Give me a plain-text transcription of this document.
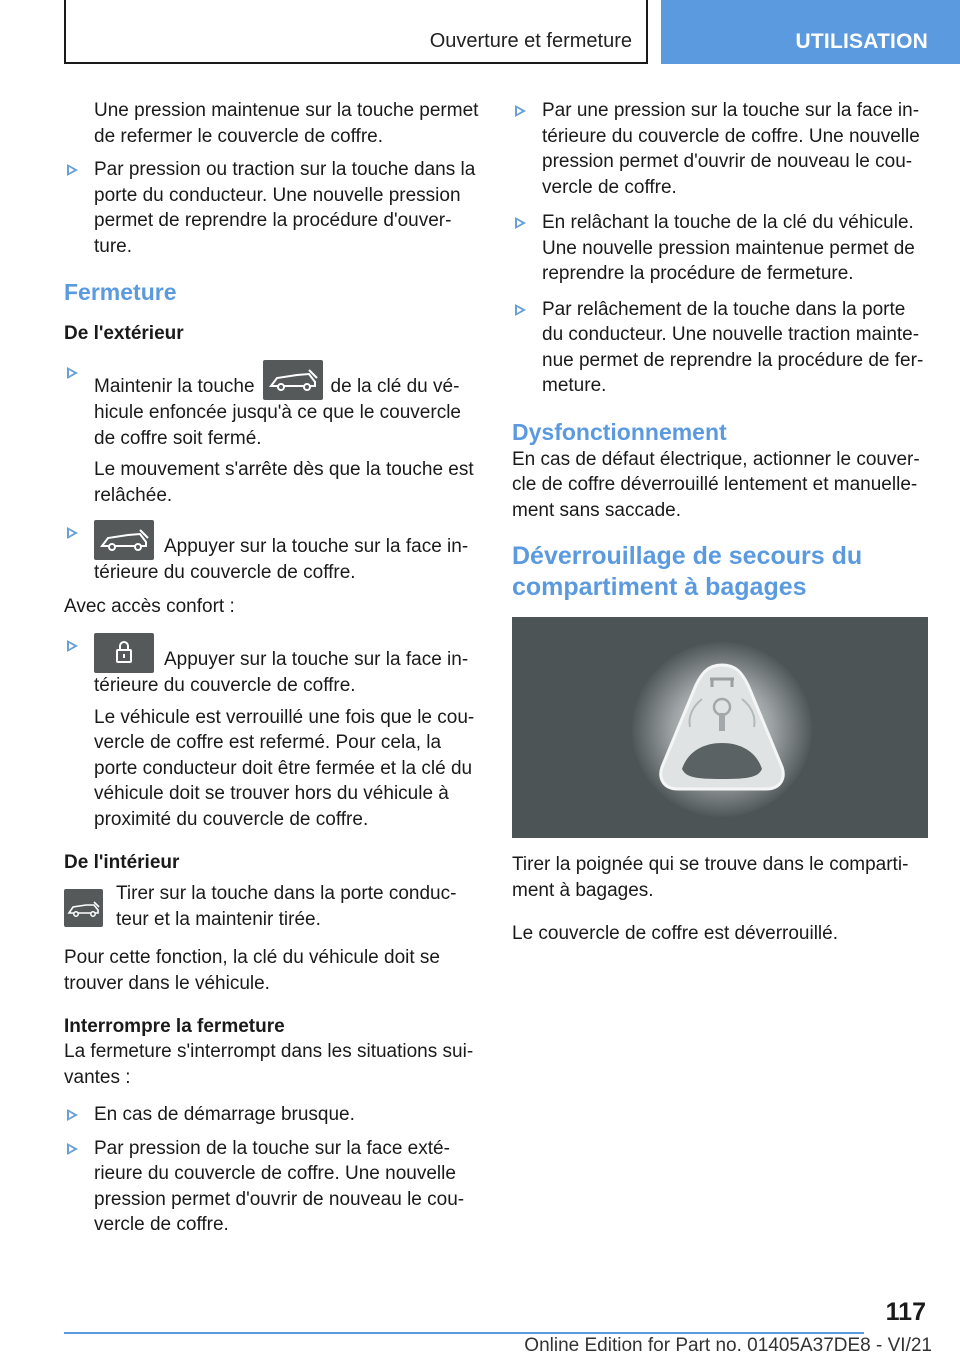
Ouverture et fermeture	UTILISATION

Une pression maintenue sur la touche permet de refermer le couvercle de coffre.

Par pression ou traction sur la touche dans la porte du conducteur. Une nouvelle pression permet de reprendre la procédure d'ouverture.

Fermeture
De l'extérieur

Maintenir la touche	de la clé du véhicule enfoncée jusqu'à ce que le couvercle de coffre soit fermé.

Le mouvement s'arrête dès que la touche est relâchée.

Appuyer sur la touche sur la face intérieure du couvercle de coffre.

Avec accès confort :

Appuyer sur la touche sur la face intérieure du couvercle de coffre.

Le véhicule est verrouillé une fois que le couvercle de coffre est refermé. Pour cela, la porte conducteur doit être fermée et la clé du véhicule doit se trouver hors du véhicule à proximité du couvercle de coffre.

De l'intérieur

Tirer sur la touche dans la porte conducteur et la maintenir tirée.

Pour cette fonction, la clé du véhicule doit se trouver dans le véhicule.

Interrompre la fermeture

La fermeture s'interrompt dans les situations suivantes :

En cas de démarrage brusque.

Par pression de la touche sur la face extérieure du couvercle de coffre. Une nouvelle pression permet d'ouvrir de nouveau le couvercle de coffre.

Par une pression sur la touche sur la face intérieure du couvercle de coffre. Une nouvelle pression permet d'ouvrir de nouveau le couvercle de coffre.

En relâchant la touche de la clé du véhicule. Une nouvelle pression maintenue permet de reprendre la procédure de fermeture.

Par relâchement de la touche dans la porte du conducteur. Une nouvelle traction maintenue permet de reprendre la procédure de fermeture.

Dysfonctionnement

En cas de défaut électrique, actionner le couvercle de coffre déverrouillé lentement et manuellement sans saccade.

Déverrouillage de secours du compartiment à bagages

Tirer la poignée qui se trouve dans le compartiment à bagages.

Le couvercle de coffre est déverrouillé.

117
Online Edition for Part no. 01405A37DE8 - VI/21
